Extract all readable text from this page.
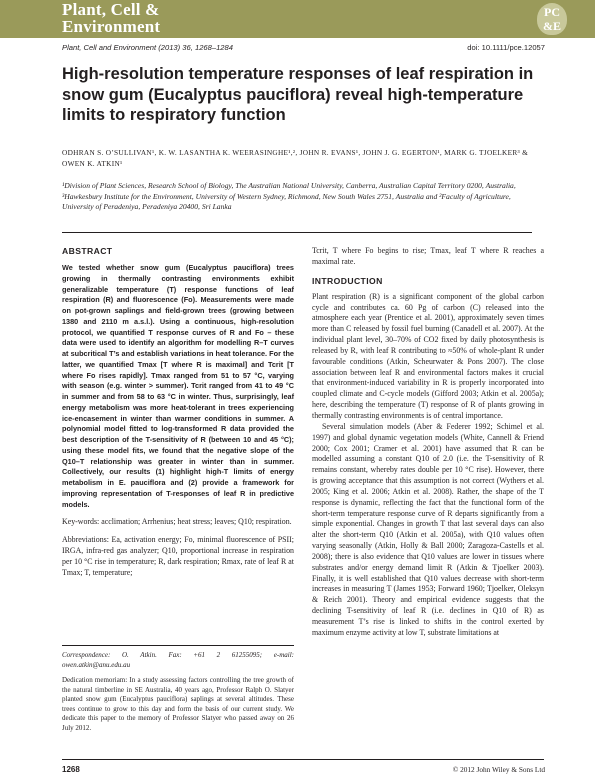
Plant, Cell &
Environment
PC
&E
Plant, Cell and Environment (2013) 36, 1268–1284	doi: 10.1111/pce.12057
High-resolution temperature responses of leaf respiration in snow gum (Eucalyptus pauciflora) reveal high-temperature limits to respiratory function
ODHRAN S. O’SULLIVAN¹, K. W. LASANTHA K. WEERASINGHE¹,², JOHN R. EVANS¹, JOHN J. G. EGERTON¹, MARK G. TJOELKER³ & OWEN K. ATKIN¹
¹Division of Plant Sciences, Research School of Biology, The Australian National University, Canberra, Australian Capital Territory 0200, Australia, ³Hawkesbury Institute for the Environment, University of Western Sydney, Richmond, New South Wales 2751, Australia and ²Faculty of Agriculture, University of Peradeniya, Peradeniya 20400, Sri Lanka

ABSTRACT

We tested whether snow gum (Eucalyptus pauciflora) trees growing in thermally contrasting environments exhibit generalizable temperature (T) response functions of leaf respiration (R) and fluorescence (Fo). Measurements were made on pot-grown saplings and field-grown trees (growing between 1380 and 2110 m a.s.l.). Using a continuous, high-resolution protocol, we quantified T response curves of R and Fo – these data were used to identify an algorithm for modelling R–T curves at subcritical T’s and establish variations in heat tolerance. For the latter, we quantified Tmax [T where R is maximal] and Tcrit [T where Fo rises rapidly]. Tmax ranged from 51 to 57 °C, varying with season (e.g. winter > summer). Tcrit ranged from 41 to 49 °C in summer and from 58 to 63 °C in winter. Thus, surprisingly, leaf energy metabolism was more heat-tolerant in trees experiencing ice-encasement in winter than warmer conditions in summer. A polynomial model fitted to log-transformed R data provided the best description of the T-sensitivity of R (between 10 and 45 °C); using these model fits, we found that the negative slope of the Q10–T relationship was greater in winter than in summer. Collectively, our results (1) highlight high-T limits of energy metabolism in E. pauciflora and (2) provide a framework for improving representation of T-responses of leaf R in predictive models.

Key-words: acclimation; Arrhenius; heat stress; leaves; Q10; respiration.

Abbreviations: Ea, activation energy; Fo, minimal fluorescence of PSII; IRGA, infra-red gas analyzer; Q10, proportional increase in respiration per 10 °C rise in temperature; R, dark respiration; Rmax, rate of leaf R at Tmax; T, temperature;

Correspondence: O. Atkin. Fax: +61 2 61255095; e-mail: owen.atkin@anu.edu.au

Dedication memoriam: In a study assessing factors controlling the tree growth of the natural timberline in SE Australia, 40 years ago, Professor Ralph O. Slatyer planted snow gum (Eucalyptus pauciflora) saplings at several altitudes. These trees continue to grow to this day and form the basis of our current study. We dedicate this paper to the memory of Professor Slatyer who passed away on 26 July 2012.

Tcrit, T where Fo begins to rise; Tmax, leaf T where R reaches a maximal rate.

INTRODUCTION

Plant respiration (R) is a significant component of the global carbon cycle and contributes ca. 60 Pg of carbon (C) released into the atmosphere each year (Prentice et al. 2001), approximately seven times more than C released by fossil fuel burning (Canadell et al. 2007). At the individual plant level, 30–70% of CO2 fixed by daily photosynthesis is released by R, with leaf R contributing to ≈50% of whole-plant R under favourable conditions (Atkin, Scheurwater & Pons 2007). The close association between leaf R and environmental factors makes it crucial that environment-induced variability in R is properly incorporated into coupled climate and C-cycle models (Gifford 2003; Atkin et al. 2005a); here, describing the temperature (T) response of R of plants growing in thermally contrasting environments is of central importance.

Several simulation models (Aber & Federer 1992; Schimel et al. 1997) and global dynamic vegetation models (White, Cannell & Friend 2000; Cox 2001; Cramer et al. 2001) have assumed that R can be modelled assuming a constant Q10 of 2.0 (i.e. the T-sensitivity of R remains constant, whereby rates double per 10 °C rise). However, there is growing acceptance that this assumption is not correct (Wythers et al. 2005; King et al. 2006; Atkin et al. 2008). Rather, the shape of the T response is dynamic, reflecting the fact that the functional form of the short-term temperature response curve of R departs significantly from a simple exponential. Changes in growth T that last several days can also alter the short-term Q10 (Atkin et al. 2005a), with Q10 values often varying seasonally (Atkin, Holly & Ball 2000; Zaragoza-Castells et al. 2008); there is also evidence that Q10 values are lower in tissues where substrates and/or energy demand limit R (Atkin & Tjoelker 2003). Finally, it is well established that Q10 values decrease with short-term increases in measuring T (James 1953; Forward 1960; Tjoelker, Oleksyn & Reich 2001). Theory and empirical evidence suggests that the declining T-sensitivity of leaf R (i.e. declines in Q10 of R) as measurement T’s rise is linked to shifts in the control exerted by maximum enzyme activity at low T, substrate limitations at

1268	© 2012 John Wiley & Sons Ltd
